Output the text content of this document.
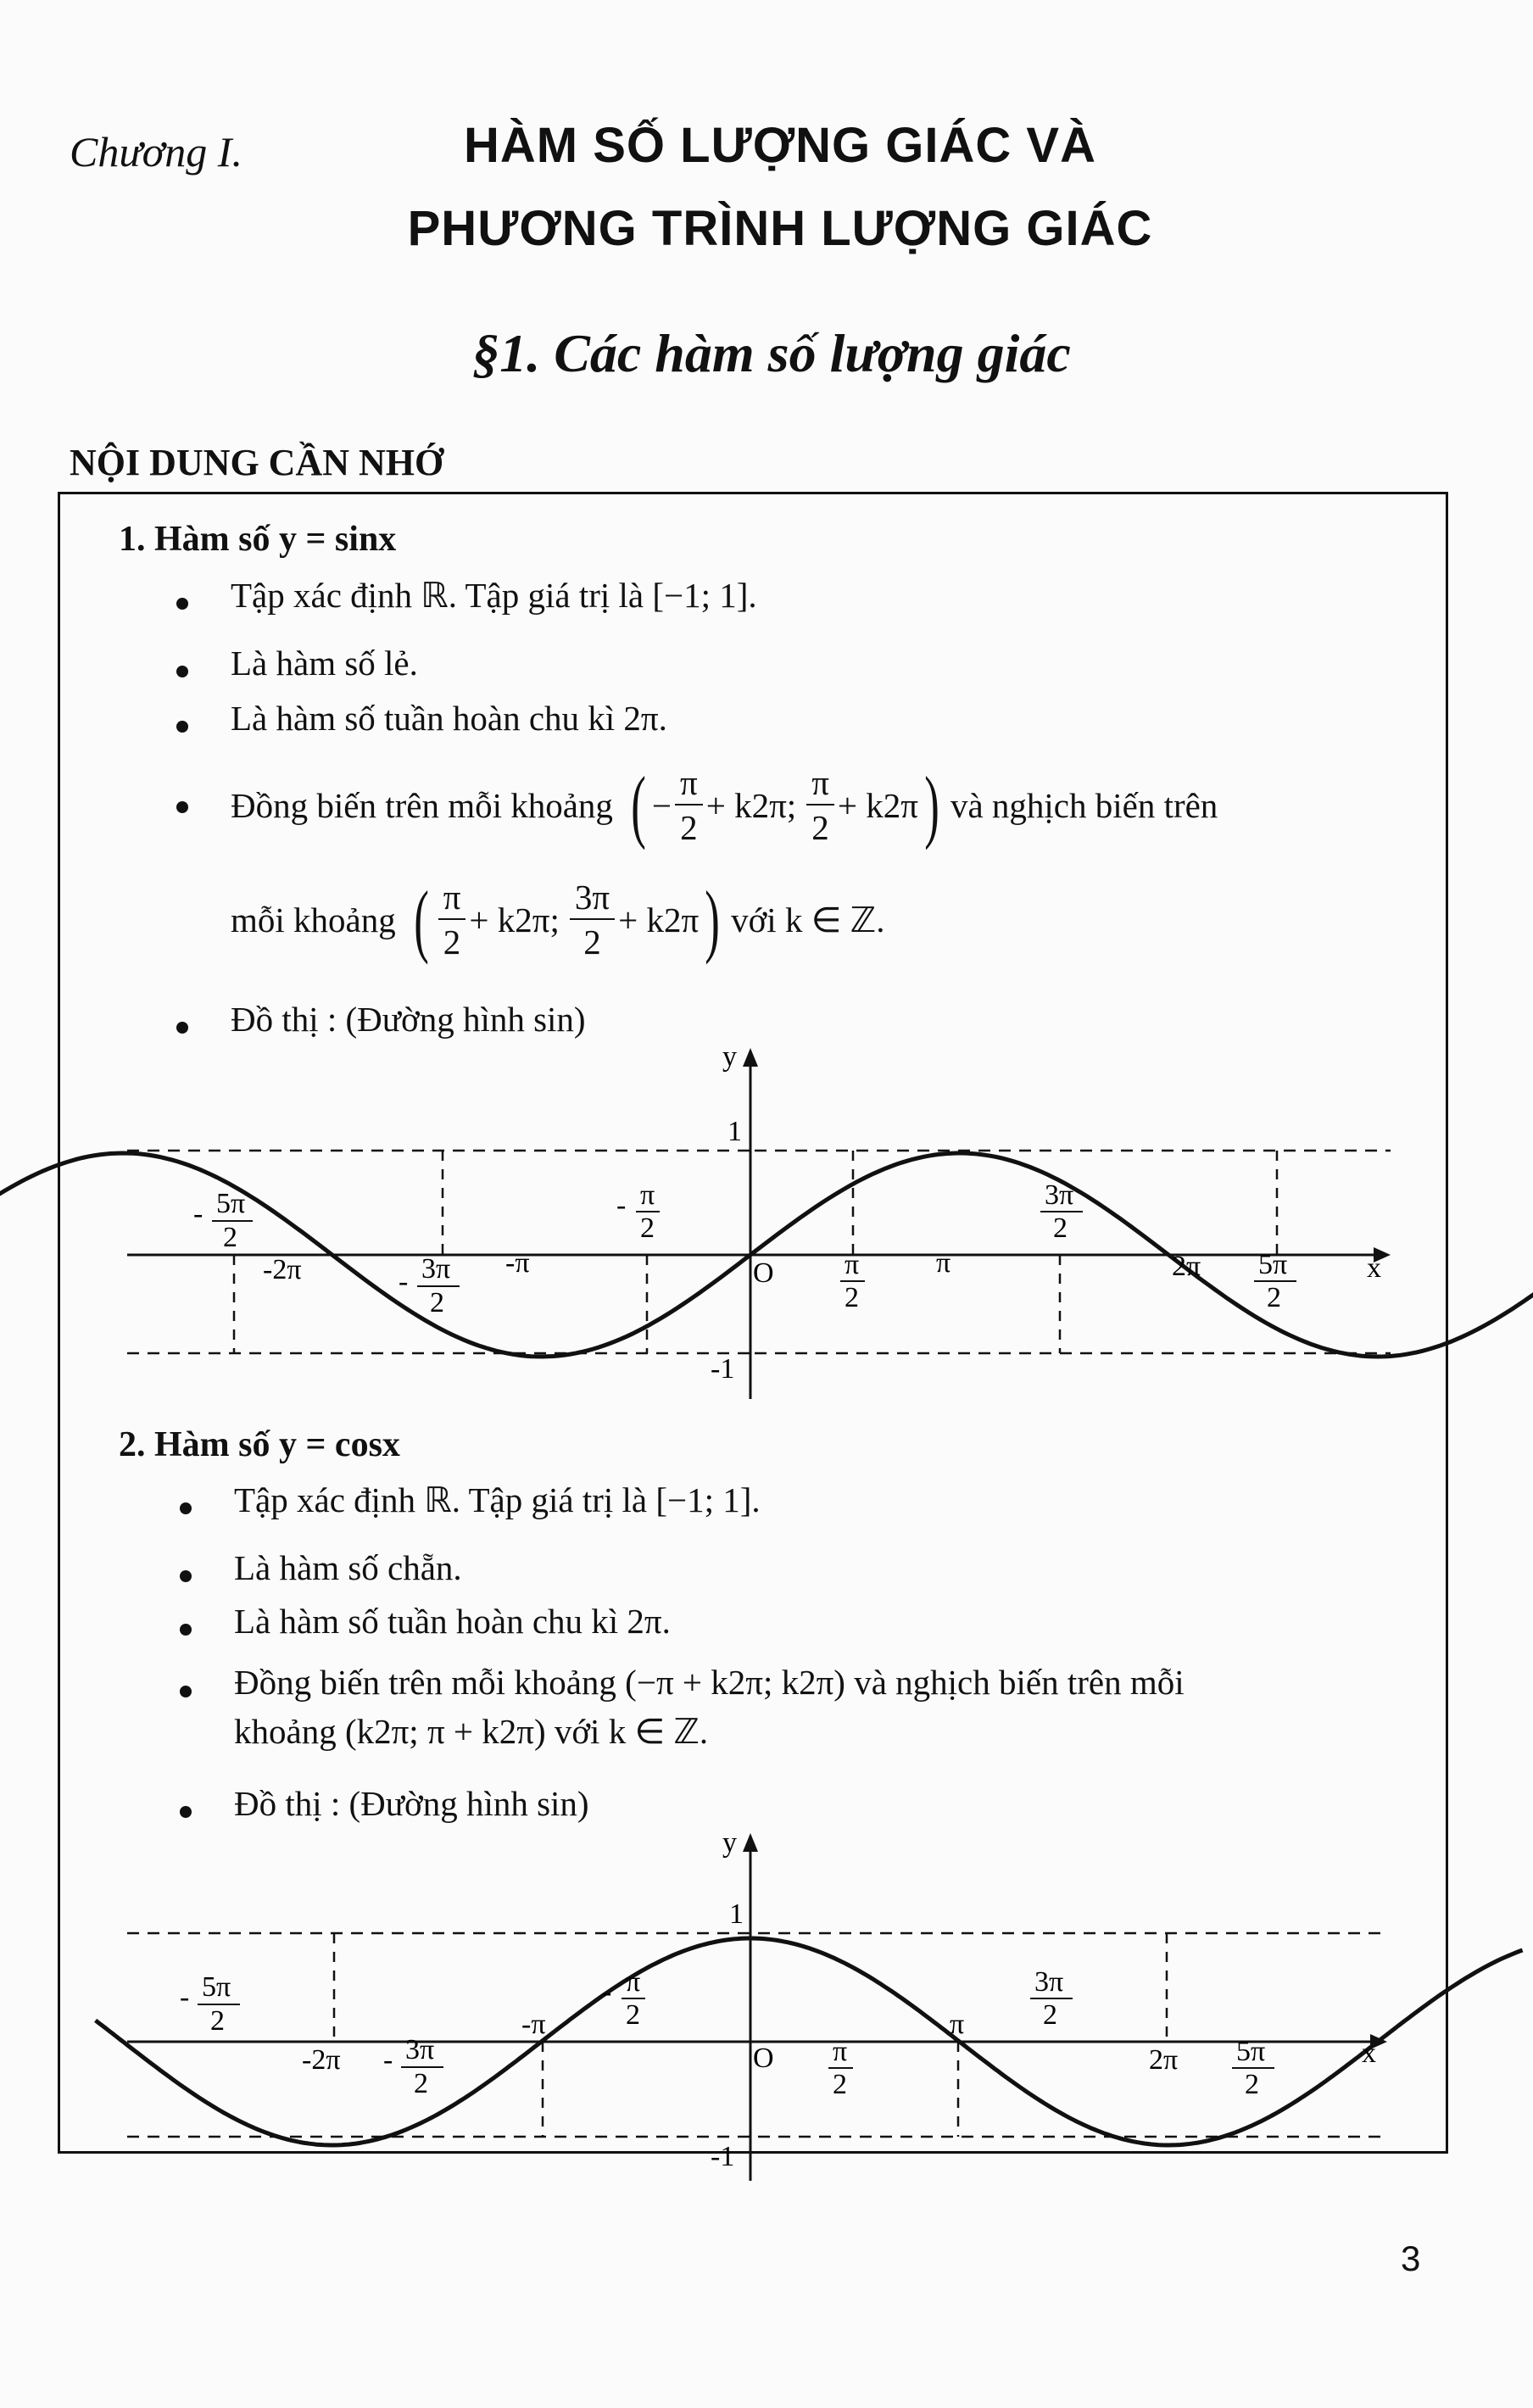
Chương I.	HÀM SỐ LƯỢNG GIÁC VÀ
PHƯƠNG TRÌNH LƯỢNG GIÁC
§1. Các hàm số lượng giác
NỘI DUNG CẦN NHỚ
1. Hàm số y = sinx
Tập xác định ℝ. Tập giá trị là [−1; 1].
Là hàm số lẻ.
Là hàm số tuần hoàn chu kì 2π.
Đồng biến trên mỗi khoảng ( − $\frac{\pi}{2} + k2\pi$; $\frac{\pi}{2} + k2\pi$ ) và nghịch biến trên
mỗi khoảng ( $\frac{\pi}{2} + k2\pi$; $\frac{3\pi}{2} + k2\pi$ ) với k ∈ ℤ.
Đồ thị : (Đường hình sin)
y
x
O
1
-1
-2π	-π	π	2π
- 5π
2
- 3π
2
- π
2
π
2
3π
2
5π
2
2. Hàm số y = cosx
Tập xác định ℝ. Tập giá trị là [−1; 1].
Là hàm số chẵn.
Là hàm số tuần hoàn chu kì 2π.
Đồng biến trên mỗi khoảng (−π + k2π; k2π) và nghịch biến trên mỗi
khoảng (k2π; π + k2π) với k ∈ ℤ.
Đồ thị : (Đường hình sin)
y
x
O
1
-1
-2π
-π	π
2π
- 5π
2
- 3π
2
- π
2
π
2
3π
2
5π
2
3
